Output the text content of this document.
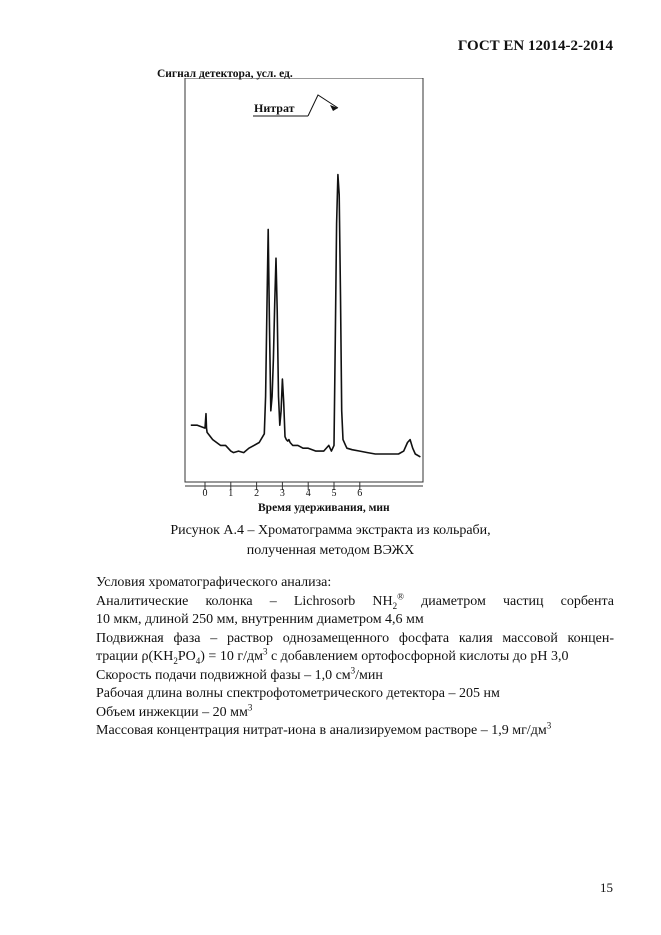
ГОСТ EN 12014-2-2014
Сигнал детектора, усл. ед.
0 1 2 3 4 5 6
Нитрат
Время удерживания, мин
Рисунок А.4 – Хроматограмма экстракта из кольраби,
полученная методом ВЭЖХ

Условия хроматографического анализа:

Аналитические колонка – Lichrosorb $NH_2®$ диаметром частиц сорбента

10 мкм, длиной 250 мм, внутренним диаметром 4,6 мм

Подвижная фаза – раствор однозамещенного фосфата калия массовой концен-

трации $\rho(KH_2PO_4) = 10$ $г/дм^3$ с добавлением ортофосфорной кислоты до pH 3,0

Скорость подачи подвижной фазы – 1,0 $см^3$/мин

Рабочая длина волны спектрофотометрического детектора – 205 нм

Объем инжекции – 20 $мм^3$

Массовая концентрация нитрат-иона в анализируемом растворе – 1,9 $мг/дм^3$

15
